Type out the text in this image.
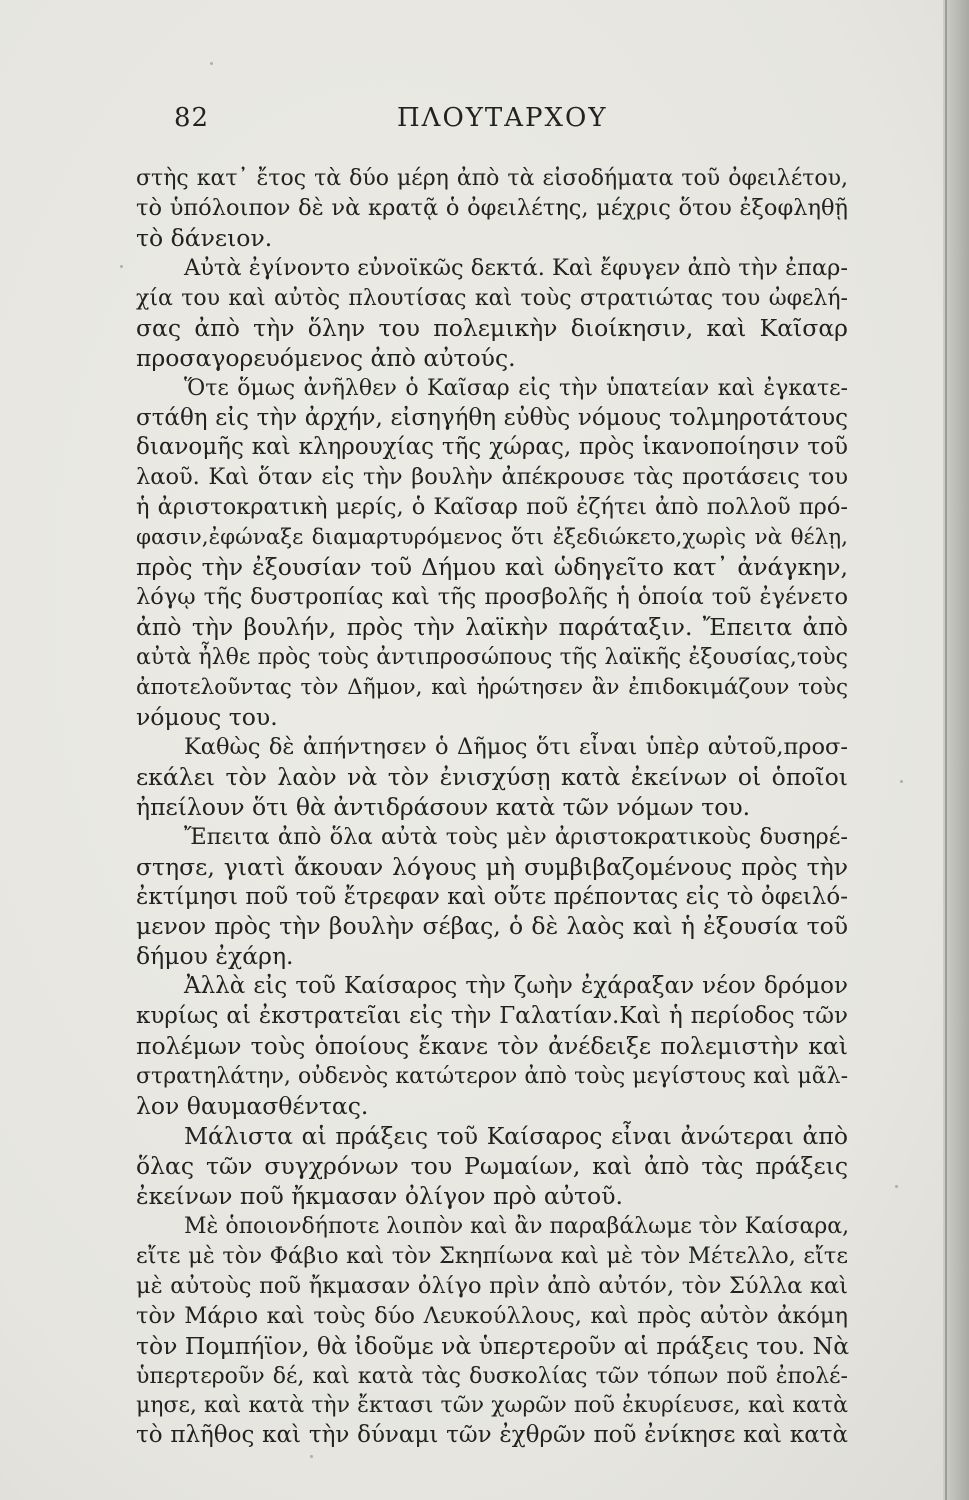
82	ΠΛΟΥΤΑΡΧΟΥ
στὴς κατ᾽ ἔτος τὰ δύο μέρη ἀπὸ τὰ εἰσοδήματα τοῦ ὀφειλέτου,
τὸ ὑπόλοιπον δὲ νὰ κρατᾷ ὁ ὀφειλέτης, μέχρις ὅτου ἐξοφληθῇ
τὸ δάνειον.
Αὐτὰ ἐγίνοντο εὐνοϊκῶς δεκτά. Καὶ ἔφυγεν ἀπὸ τὴν ἐπαρ-
χία του καὶ αὐτὸς πλουτίσας καὶ τοὺς στρατιώτας του ὠφελή-
σας ἀπὸ τὴν ὅλην του πολεμικὴν διοίκησιν, καὶ Καῖσαρ
προσαγορευόμενος ἀπὸ αὐτούς.
Ὅτε ὅμως ἀνῆλθεν ὁ Καῖσαρ εἰς τὴν ὑπατείαν καὶ ἐγκατε-
στάθη εἰς τὴν ἀρχήν, εἰσηγήθη εὐθὺς νόμους τολμηροτάτους
διανομῆς καὶ κληρουχίας τῆς χώρας, πρὸς ἱκανοποίησιν τοῦ
λαοῦ. Καὶ ὅταν εἰς τὴν βουλὴν ἀπέκρουσε τὰς προτάσεις του
ἡ ἀριστοκρατικὴ μερίς, ὁ Καῖσαρ ποῦ ἐζήτει ἀπὸ πολλοῦ πρό-
φασιν,ἐφώναξε διαμαρτυρόμενος ὅτι ἐξεδιώκετο,χωρὶς νὰ θέλῃ,
πρὸς τὴν ἐξουσίαν τοῦ Δήμου καὶ ὡδηγεῖτο κατ᾽ ἀνάγκην,
λόγῳ τῆς δυστροπίας καὶ τῆς προσβολῆς ἡ ὁποία τοῦ ἐγένετο
ἀπὸ τὴν βουλήν, πρὸς τὴν λαϊκὴν παράταξιν. Ἔπειτα ἀπὸ
αὐτὰ ἦλθε πρὸς τοὺς ἀντιπροσώπους τῆς λαϊκῆς ἐξουσίας,τοὺς
ἀποτελοῦντας τὸν Δῆμον, καὶ ἠρώτησεν ἂν ἐπιδοκιμάζουν τοὺς
νόμους του.
Καθὼς δὲ ἀπήντησεν ὁ Δῆμος ὅτι εἶναι ὑπὲρ αὐτοῦ,προσ-
εκάλει τὸν λαὸν νὰ τὸν ἐνισχύσῃ κατὰ ἐκείνων οἱ ὁποῖοι
ἠπείλουν ὅτι θὰ ἀντιδράσουν κατὰ τῶν νόμων του.
Ἔπειτα ἀπὸ ὅλα αὐτὰ τοὺς μὲν ἀριστοκρατικοὺς δυσηρέ-
στησε, γιατὶ ἄκουαν λόγους μὴ συμβιβαζομένους πρὸς τὴν
ἐκτίμησι ποῦ τοῦ ἔτρεφαν καὶ οὔτε πρέποντας εἰς τὸ ὀφειλό-
μενον πρὸς τὴν βουλὴν σέβας, ὁ δὲ λαὸς καὶ ἡ ἐξουσία τοῦ
δήμου ἐχάρη.
Ἀλλὰ εἰς τοῦ Καίσαρος τὴν ζωὴν ἐχάραξαν νέον δρόμον
κυρίως αἱ ἐκστρατεῖαι εἰς τὴν Γαλατίαν.Καὶ ἡ περίοδος τῶν
πολέμων τοὺς ὁποίους ἔκανε τὸν ἀνέδειξε πολεμιστὴν καὶ
στρατηλάτην, οὐδενὸς κατώτερον ἀπὸ τοὺς μεγίστους καὶ μᾶλ-
λον θαυμασθέντας.
Μάλιστα αἱ πράξεις τοῦ Καίσαρος εἶναι ἀνώτεραι ἀπὸ
ὅλας τῶν συγχρόνων του Ρωμαίων, καὶ ἀπὸ τὰς πράξεις
ἐκείνων ποῦ ἤκμασαν ὀλίγον πρὸ αὐτοῦ.
Μὲ ὁποιονδήποτε λοιπὸν καὶ ἂν παραβάλωμε τὸν Καίσαρα,
εἴτε μὲ τὸν Φάβιο καὶ τὸν Σκηπίωνα καὶ μὲ τὸν Μέτελλο, εἴτε
μὲ αὐτοὺς ποῦ ἤκμασαν ὀλίγο πρὶν ἀπὸ αὐτόν, τὸν Σύλλα καὶ
τὸν Μάριο καὶ τοὺς δύο Λευκούλλους, καὶ πρὸς αὐτὸν ἀκόμη
τὸν Πομπήϊον, θὰ ἰδοῦμε νὰ ὑπερτεροῦν αἱ πράξεις του. Νὰ
ὑπερτεροῦν δέ, καὶ κατὰ τὰς δυσκολίας τῶν τόπων ποῦ ἐπολέ-
μησε, καὶ κατὰ τὴν ἔκτασι τῶν χωρῶν ποῦ ἐκυρίευσε, καὶ κατὰ
τὸ πλῆθος καὶ τὴν δύναμι τῶν ἐχθρῶν ποῦ ἐνίκησε καὶ κατὰ
